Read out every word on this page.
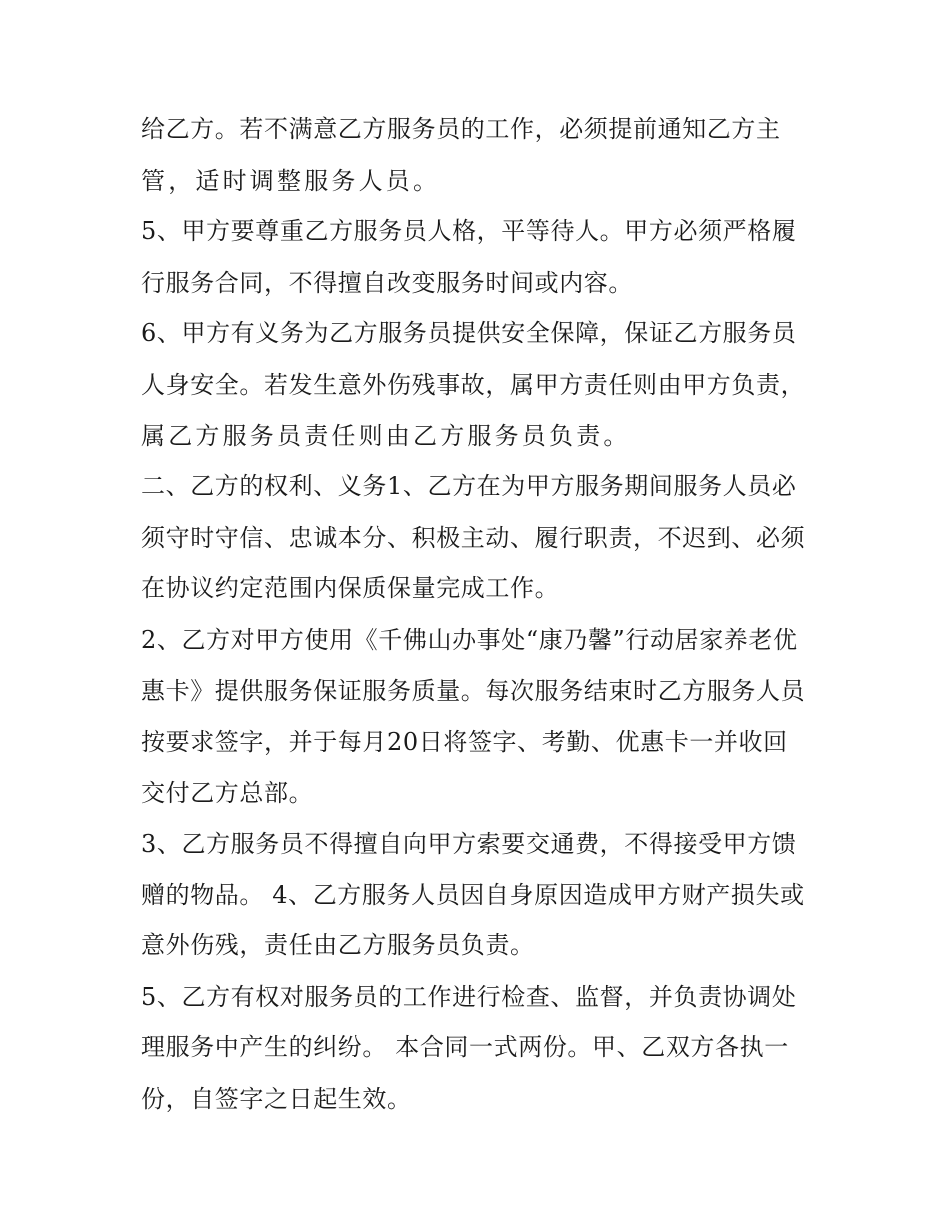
给乙方。若不满意乙方服务员的工作，必须提前通知乙方主
管，适时调整服务人员。
5、甲方要尊重乙方服务员人格，平等待人。甲方必须严格履
行服务合同，不得擅自改变服务时间或内容。
6、甲方有义务为乙方服务员提供安全保障，保证乙方服务员
人身安全。若发生意外伤残事故，属甲方责任则由甲方负责，
属乙方服务员责任则由乙方服务员负责。
二、乙方的权利、义务1、乙方在为甲方服务期间服务人员必
须守时守信、忠诚本分、积极主动、履行职责，不迟到、必须
在协议约定范围内保质保量完成工作。
2、乙方对甲方使用《千佛山办事处“康乃馨”行动居家养老优
惠卡》提供服务保证服务质量。每次服务结束时乙方服务人员
按要求签字，并于每月20日将签字、考勤、优惠卡一并收回
交付乙方总部。
3、乙方服务员不得擅自向甲方索要交通费，不得接受甲方馈
赠的物品。 4、乙方服务人员因自身原因造成甲方财产损失或
意外伤残，责任由乙方服务员负责。
5、乙方有权对服务员的工作进行检查、监督，并负责协调处
理服务中产生的纠纷。 本合同一式两份。甲、乙双方各执一
份，自签字之日起生效。
